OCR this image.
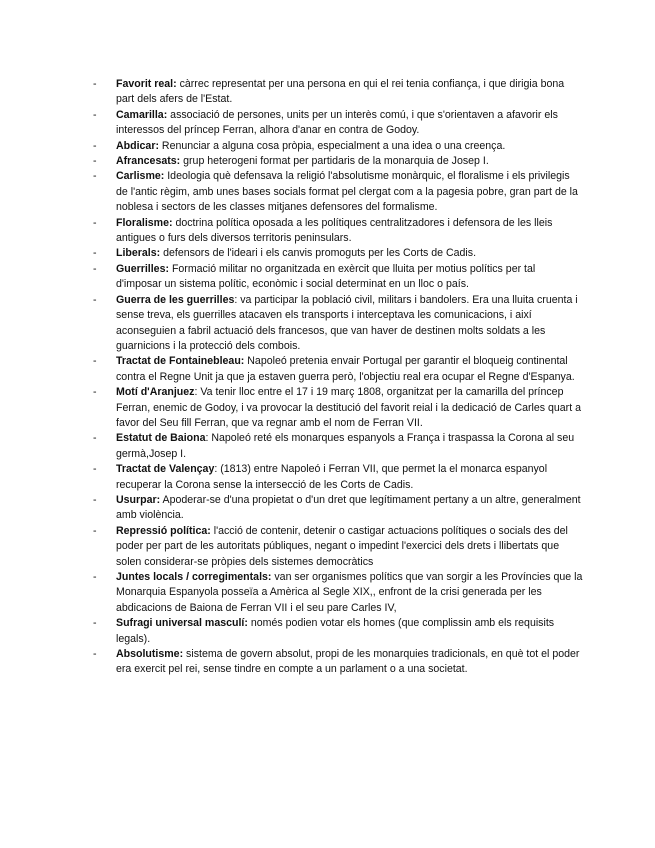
- Favorit real: càrrec representat per una persona en qui el rei tenia confiança, i que dirigia bona part dels afers de l'Estat.
- Camarilla: associació de persones, units per un interès comú, i que s'orientaven a afavorir els interessos del príncep Ferran, alhora d'anar en contra de Godoy.
- Abdicar: Renunciar a alguna cosa pròpia, especialment a una idea o una creença.
- Afrancesats: grup heterogeni format per partidaris de la monarquia de Josep I.
- Carlisme: Ideologia què defensava la religió l'absolutisme monàrquic, el floralisme i els privilegis de l'antic règim, amb unes bases socials format pel clergat com a la pagesia pobre, gran part de la noblesa i sectors de les classes mitjanes defensores del formalisme.
- Floralisme: doctrina política oposada a les polítiques centralitzadores i defensora de les lleis antigues o furs dels diversos territoris peninsulars.
- Liberals: defensors de l'ideari i els canvis promoguts per les Corts de Cadis.
- Guerrilles: Formació militar no organitzada en exèrcit que lluita per motius polítics per tal d'imposar un sistema polític, econòmic i social determinat en un lloc o país.
- Guerra de les guerrilles: va participar la població civil, militars i bandolers. Era una lluita cruenta i sense treva, els guerrilles atacaven els transports i interceptava les comunicacions, i així aconseguien a fabril actuació dels francesos, que van haver de destinen molts soldats a les guarnicions i la protecció dels combois.
- Tractat de Fontainebleau: Napoleó pretenia envair Portugal per garantir el bloqueig continental contra el Regne Unit ja que ja estaven guerra però, l'objectiu real era ocupar el Regne d'Espanya.
- Motí d'Aranjuez: Va tenir lloc entre el 17 i 19 març 1808, organitzat per la camarilla del príncep Ferran, enemic de Godoy, i va provocar la destitució del favorit reial i la dedicació de Carles quart a favor del Seu fill Ferran, que va regnar amb el nom de Ferran VII.
- Estatut de Baiona: Napoleó reté els monarques espanyols a França i traspassa la Corona al seu germà,Josep I.
- Tractat de Valençay: (1813) entre Napoleó i Ferran VII, que permet la el monarca espanyol recuperar la Corona sense la intersecció de les Corts de Cadis.
- Usurpar: Apoderar-se d'una propietat o d'un dret que legítimament pertany a un altre, generalment amb violència.
- Repressió política: l'acció de contenir, detenir o castigar actuacions polítiques o socials des del poder per part de les autoritats públiques, negant o impedint l'exercici dels drets i llibertats que solen considerar-se pròpies dels sistemes democràtics
- Juntes locals / corregimentals: van ser organismes polítics que van sorgir a les Províncies que la Monarquia Espanyola posseïa a Amèrica al Segle XIX,, enfront de la crisi generada per les abdicacions de Baiona de Ferran VII i el seu pare Carles IV,
- Sufragi universal masculí: només podien votar els homes (que complissin amb els requisits legals).
- Absolutisme: sistema de govern absolut, propi de les monarquies tradicionals, en què tot el poder era exercit pel rei, sense tindre en compte a un parlament o a una societat.
